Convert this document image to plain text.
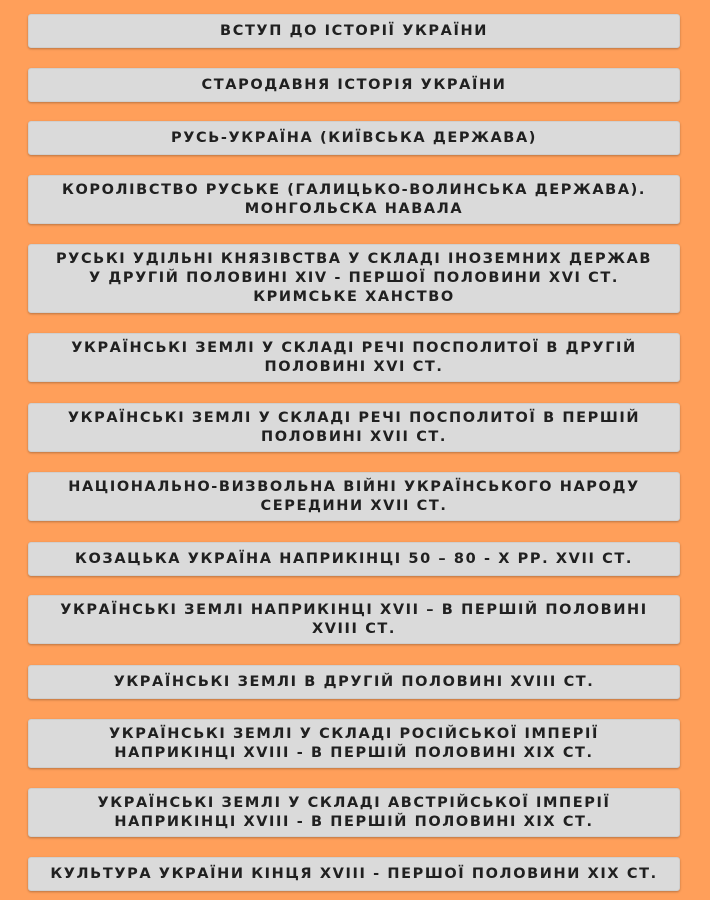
ВСТУП ДО ІСТОРІЇ УКРАЇНИ
СТАРОДАВНЯ ІСТОРІЯ УКРАЇНИ
РУСЬ-УКРАЇНА (КИЇВСЬКА ДЕРЖАВА)
КОРОЛІВСТВО РУСЬКЕ (ГАЛИЦЬКО-ВОЛИНСЬКА ДЕРЖАВА). МОНГОЛЬСКА НАВАЛА
РУСЬКІ УДІЛЬНІ КНЯЗІВСТВА У СКЛАДІ ІНОЗЕМНИХ ДЕРЖАВ У ДРУГІЙ ПОЛОВИНІ XIV - ПЕРШОЇ ПОЛОВИНИ XVI СТ. КРИМСЬКЕ ХАНСТВО
УКРАЇНСЬКІ ЗЕМЛІ У СКЛАДІ РЕЧІ ПОСПОЛИТОЇ В ДРУГІЙ ПОЛОВИНІ XVI СТ.
УКРАЇНСЬКІ ЗЕМЛІ У СКЛАДІ РЕЧІ ПОСПОЛИТОЇ В ПЕРШІЙ ПОЛОВИНІ XVII СТ.
НАЦІОНАЛЬНО-ВИЗВОЛЬНА ВІЙНІ УКРАЇНСЬКОГО НАРОДУ СЕРЕДИНИ XVII СТ.
КОЗАЦЬКА УКРАЇНА НАПРИКІНЦІ 50 – 80 - Х РР. XVII СТ.
УКРАЇНСЬКІ ЗЕМЛІ НАПРИКІНЦІ XVII – В ПЕРШІЙ ПОЛОВИНІ XVIII СТ.
УКРАЇНСЬКІ ЗЕМЛІ В ДРУГІЙ ПОЛОВИНІ XVIII СТ.
УКРАЇНСЬКІ ЗЕМЛІ У СКЛАДІ РОСІЙСЬКОЇ ІМПЕРІЇ НАПРИКІНЦІ XVIII - В ПЕРШІЙ ПОЛОВИНІ XIX СТ.
УКРАЇНСЬКІ ЗЕМЛІ У СКЛАДІ АВСТРІЙСЬКОЇ ІМПЕРІЇ НАПРИКІНЦІ XVIII - В ПЕРШІЙ ПОЛОВИНІ XIX СТ.
КУЛЬТУРА УКРАЇНИ КІНЦЯ XVIII - ПЕРШОЇ ПОЛОВИНИ XIX СТ.
